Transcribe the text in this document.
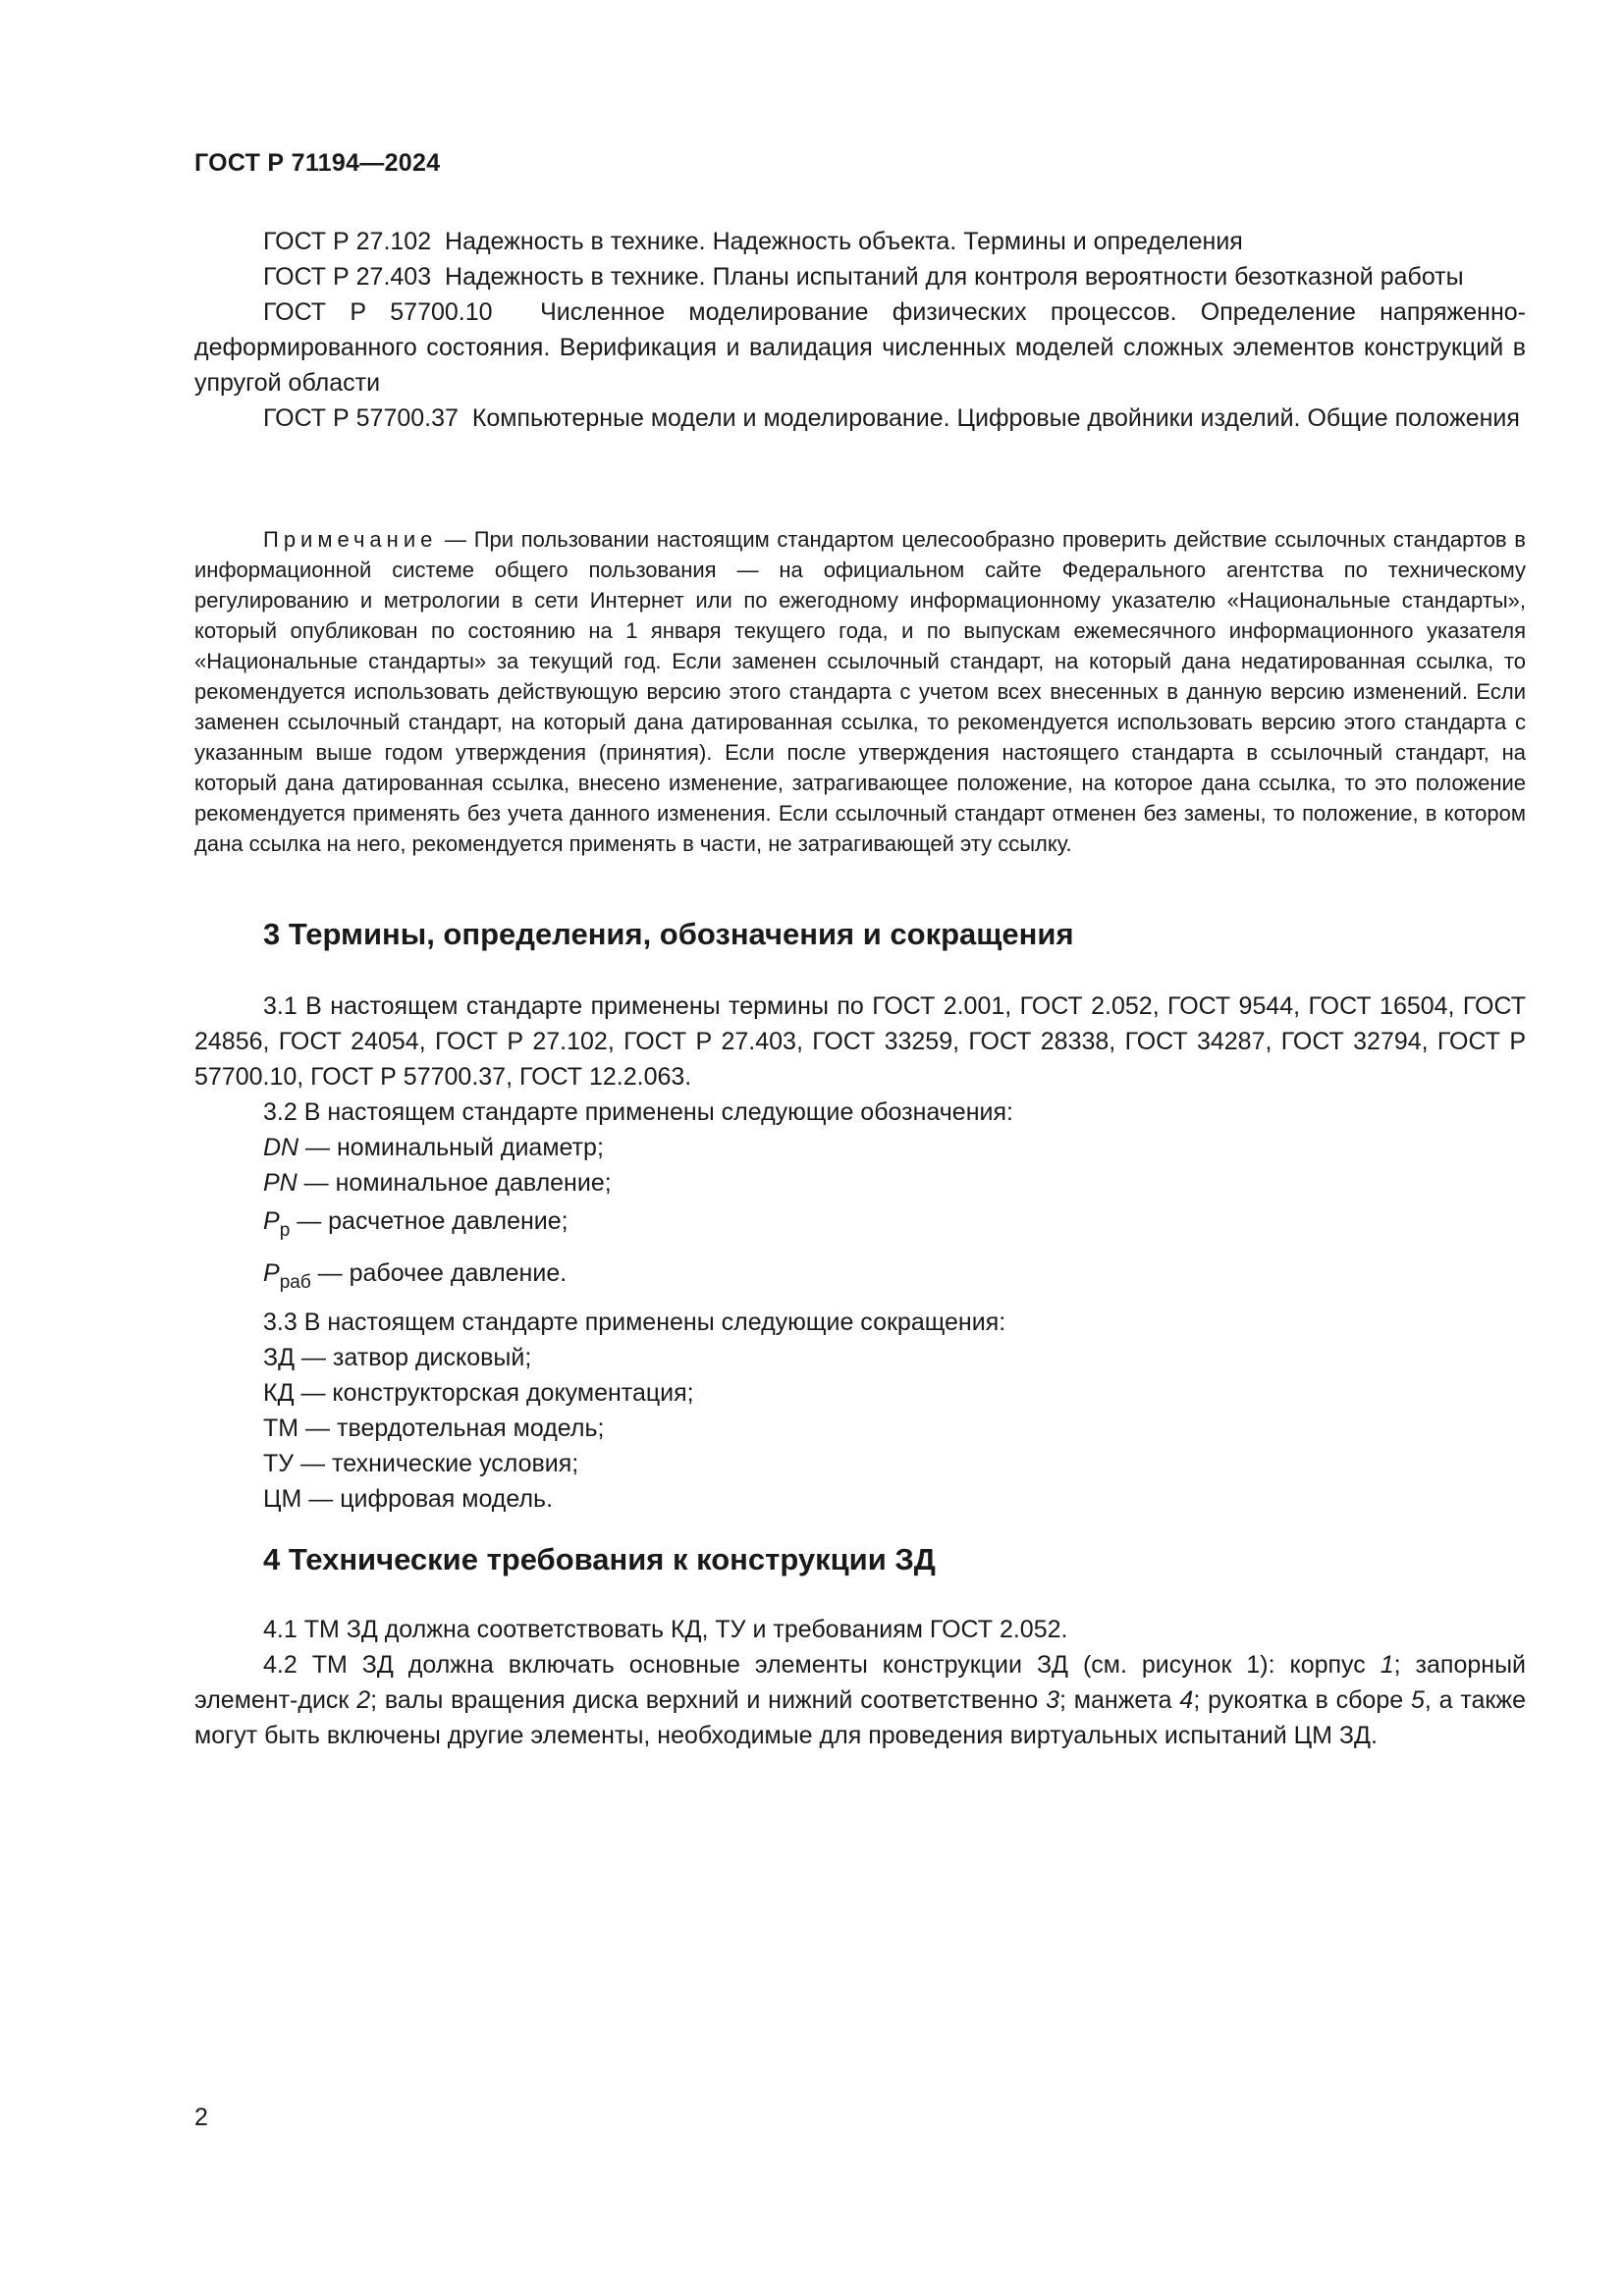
ГОСТ Р 71194—2024

ГОСТ Р 27.102 Надежность в технике. Надежность объекта. Термины и определения

ГОСТ Р 27.403 Надежность в технике. Планы испытаний для контроля вероятности безотказной работы

ГОСТ Р 57700.10 Численное моделирование физических процессов. Определение напряженно-деформированного состояния. Верификация и валидация численных моделей сложных элементов конструкций в упругой области

ГОСТ Р 57700.37 Компьютерные модели и моделирование. Цифровые двойники изделий. Общие положения

Примечание — При пользовании настоящим стандартом целесообразно проверить действие ссылочных стандартов в информационной системе общего пользования — на официальном сайте Федерального агентства по техническому регулированию и метрологии в сети Интернет или по ежегодному информационному указателю «Национальные стандарты», который опубликован по состоянию на 1 января текущего года, и по выпускам ежемесячного информационного указателя «Национальные стандарты» за текущий год. Если заменен ссылочный стандарт, на который дана недатированная ссылка, то рекомендуется использовать действующую версию этого стандарта с учетом всех внесенных в данную версию изменений. Если заменен ссылочный стандарт, на который дана датированная ссылка, то рекомендуется использовать версию этого стандарта с указанным выше годом утверждения (принятия). Если после утверждения настоящего стандарта в ссылочный стандарт, на который дана датированная ссылка, внесено изменение, затрагивающее положение, на которое дана ссылка, то это положение рекомендуется применять без учета данного изменения. Если ссылочный стандарт отменен без замены, то положение, в котором дана ссылка на него, рекомендуется применять в части, не затрагивающей эту ссылку.

3 Термины, определения, обозначения и сокращения

3.1 В настоящем стандарте применены термины по ГОСТ 2.001, ГОСТ 2.052, ГОСТ 9544, ГОСТ 16504, ГОСТ 24856, ГОСТ 24054, ГОСТ Р 27.102, ГОСТ Р 27.403, ГОСТ 33259, ГОСТ 28338, ГОСТ 34287, ГОСТ 32794, ГОСТ Р 57700.10, ГОСТ Р 57700.37, ГОСТ 12.2.063.

3.2 В настоящем стандарте применены следующие обозначения:

DN — номинальный диаметр;

PN — номинальное давление;

$P_р$ — расчетное давление;

$P_{раб}$ — рабочее давление.

3.3 В настоящем стандарте применены следующие сокращения:

ЗД — затвор дисковый;

КД — конструкторская документация;

ТМ — твердотельная модель;

ТУ — технические условия;

ЦМ — цифровая модель.

4 Технические требования к конструкции ЗД

4.1 ТМ ЗД должна соответствовать КД, ТУ и требованиям ГОСТ 2.052.

4.2 ТМ ЗД должна включать основные элементы конструкции ЗД (см. рисунок 1): корпус 1; запорный элемент-диск 2; валы вращения диска верхний и нижний соответственно 3; манжета 4; рукоятка в сборе 5, а также могут быть включены другие элементы, необходимые для проведения виртуальных испытаний ЦМ ЗД.

2
